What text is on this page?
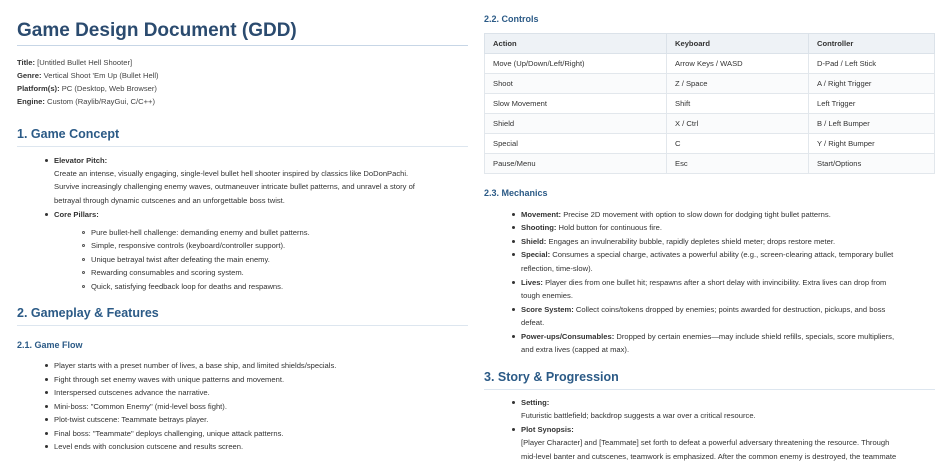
Game Design Document (GDD)
Title: [Untitled Bullet Hell Shooter]
Genre: Vertical Shoot 'Em Up (Bullet Hell)
Platform(s): PC (Desktop, Web Browser)
Engine: Custom (Raylib/RayGui, C/C++)
1. Game Concept
Elevator Pitch:
Create an intense, visually engaging, single-level bullet hell shooter inspired by classics like DoDonPachi.
Survive increasingly challenging enemy waves, outmaneuver intricate bullet patterns, and unravel a story of
betrayal through dynamic cutscenes and an unforgettable boss twist.
Core Pillars:
Pure bullet-hell challenge: demanding enemy and bullet patterns.
Simple, responsive controls (keyboard/controller support).
Unique betrayal twist after defeating the main enemy.
Rewarding consumables and scoring system.
Quick, satisfying feedback loop for deaths and respawns.
2. Gameplay & Features
2.1. Game Flow
Player starts with a preset number of lives, a base ship, and limited shields/specials.
Fight through set enemy waves with unique patterns and movement.
Interspersed cutscenes advance the narrative.
Mini-boss: "Common Enemy" (mid-level boss fight).
Plot-twist cutscene: Teammate betrays player.
Final boss: "Teammate" deploys challenging, unique attack patterns.
Level ends with conclusion cutscene and results screen.
2.2. Controls
Action	Keyboard	Controller
Move (Up/Down/Left/Right)	Arrow Keys / WASD	D-Pad / Left Stick
Shoot	Z / Space	A / Right Trigger
Slow Movement	Shift	Left Trigger
Shield	X / Ctrl	B / Left Bumper
Special	C	Y / Right Bumper
Pause/Menu	Esc	Start/Options
2.3. Mechanics
Movement: Precise 2D movement with option to slow down for dodging tight bullet patterns.
Shooting: Hold button for continuous fire.
Shield: Engages an invulnerability bubble, rapidly depletes shield meter; drops restore meter.
Special: Consumes a special charge, activates a powerful ability (e.g., screen-clearing attack, temporary bullet
reflection, time-slow).
Lives: Player dies from one bullet hit; respawns after a short delay with invincibility. Extra lives can drop from
tough enemies.
Score System: Collect coins/tokens dropped by enemies; points awarded for destruction, pickups, and boss
defeat.
Power-ups/Consumables: Dropped by certain enemies—may include shield refills, specials, score multipliers,
and extra lives (capped at max).
3. Story & Progression
Setting:
Futuristic battlefield; backdrop suggests a war over a critical resource.
Plot Synopsis:
[Player Character] and [Teammate] set forth to defeat a powerful adversary threatening the resource. Through
mid-level banter and cutscenes, teamwork is emphasized. After the common enemy is destroyed, the teammate
